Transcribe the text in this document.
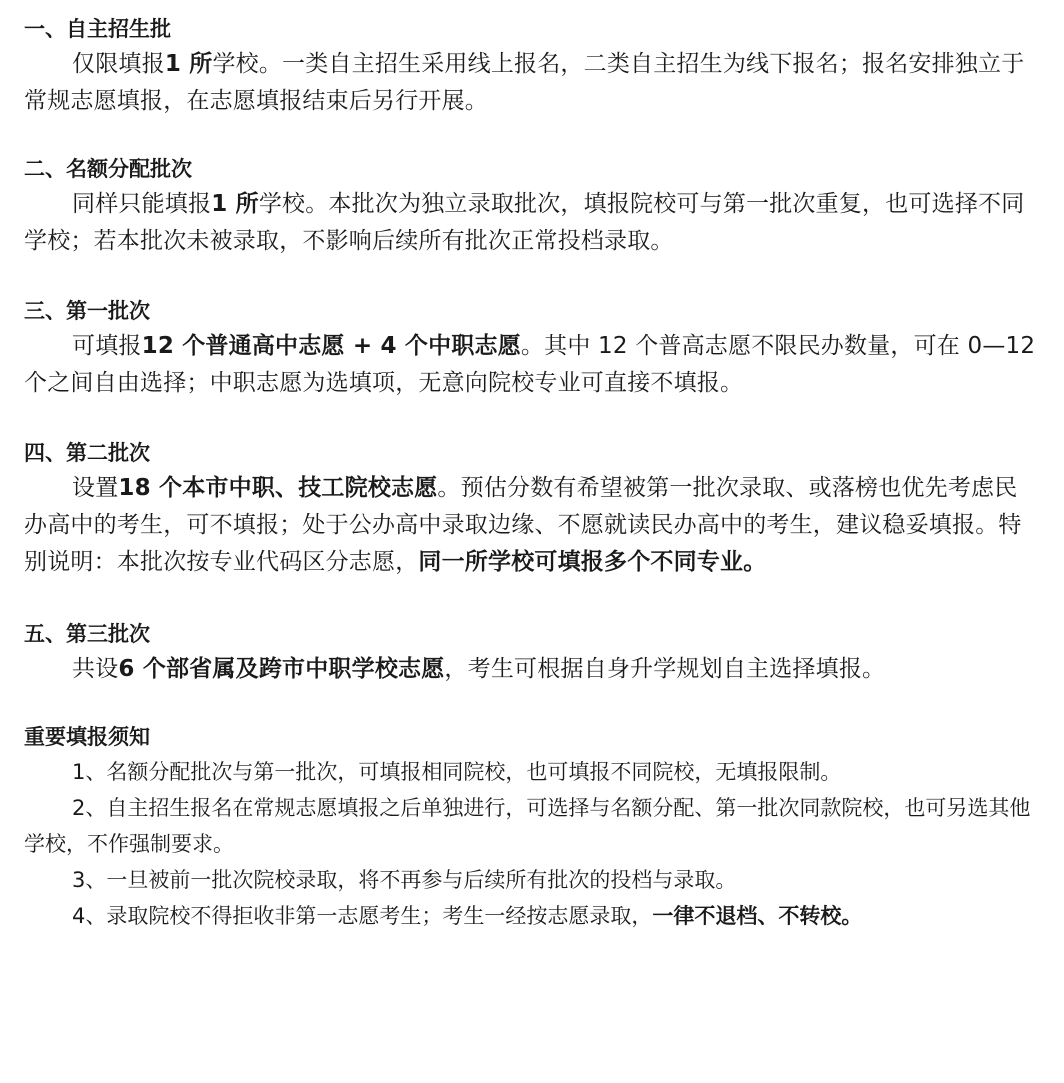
一、自主招生批

仅限填报1 所学校。一类自主招生采用线上报名，二类自主招生为线下报名；报名安排独立于常规志愿填报，在志愿填报结束后另行开展。

二、名额分配批次

同样只能填报1 所学校。本批次为独立录取批次，填报院校可与第一批次重复，也可选择不同学校；若本批次未被录取，不影响后续所有批次正常投档录取。

三、第一批次

可填报12 个普通高中志愿 + 4 个中职志愿。其中 12 个普高志愿不限民办数量，可在 0—12 个之间自由选择；中职志愿为选填项，无意向院校专业可直接不填报。

四、第二批次

设置18 个本市中职、技工院校志愿。预估分数有希望被第一批次录取、或落榜也优先考虑民办高中的考生，可不填报；处于公办高中录取边缘、不愿就读民办高中的考生，建议稳妥填报。特别说明：本批次按专业代码区分志愿，同一所学校可填报多个不同专业。

五、第三批次

共设6 个部省属及跨市中职学校志愿，考生可根据自身升学规划自主选择填报。

重要填报须知

1、名额分配批次与第一批次，可填报相同院校，也可填报不同院校，无填报限制。

2、自主招生报名在常规志愿填报之后单独进行，可选择与名额分配、第一批次同款院校，也可另选其他学校，不作强制要求。

3、一旦被前一批次院校录取，将不再参与后续所有批次的投档与录取。

4、录取院校不得拒收非第一志愿考生；考生一经按志愿录取，一律不退档、不转校。
